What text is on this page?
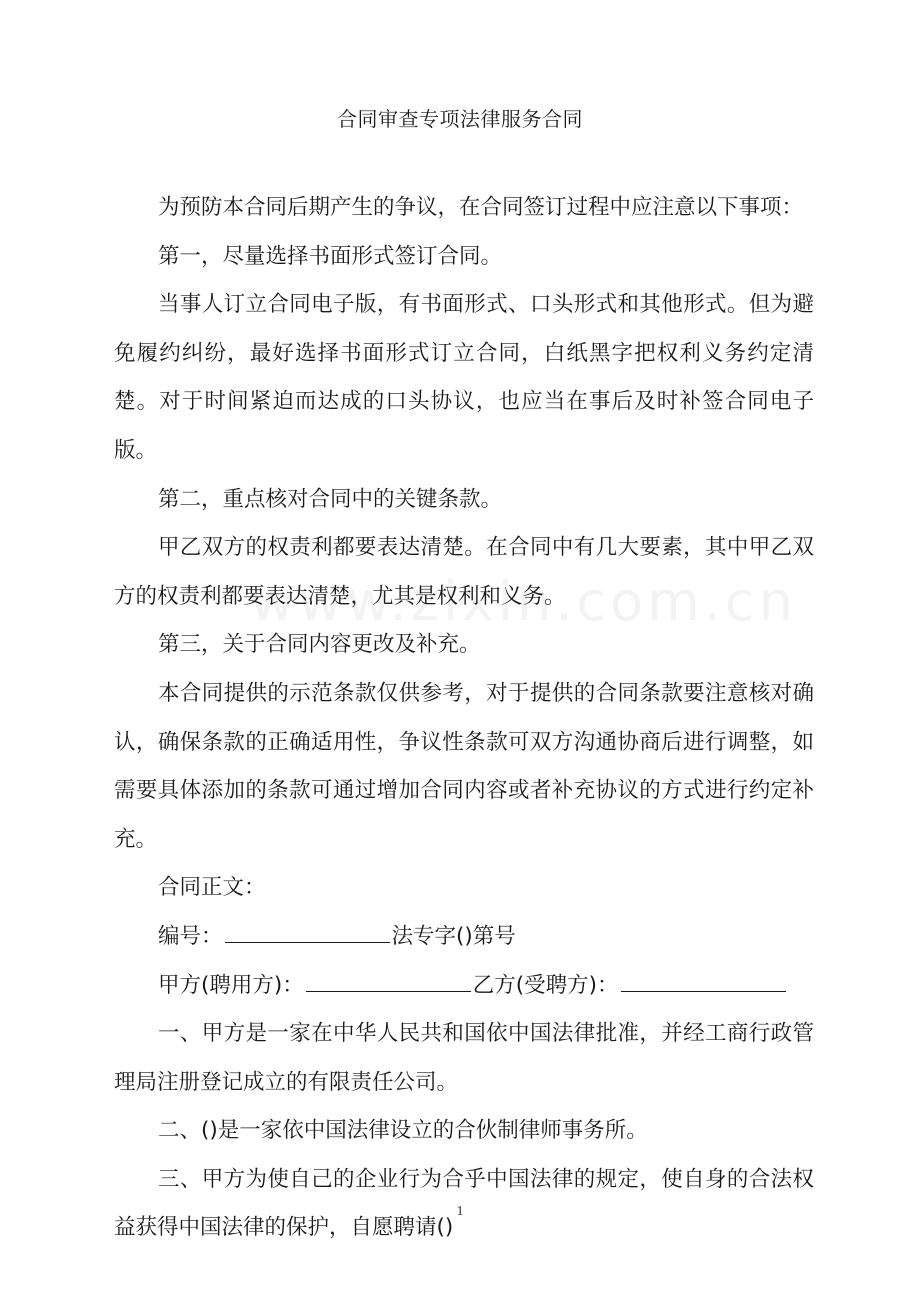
合同审查专项法律服务合同

为预防本合同后期产生的争议，在合同签订过程中应注意以下事项：

第一，尽量选择书面形式签订合同。

当事人订立合同电子版，有书面形式、口头形式和其他形式。但为避免履约纠纷，最好选择书面形式订立合同，白纸黑字把权利义务约定清楚。对于时间紧迫而达成的口头协议，也应当在事后及时补签合同电子版。

第二，重点核对合同中的关键条款。

甲乙双方的权责利都要表达清楚。在合同中有几大要素，其中甲乙双方的权责利都要表达清楚，尤其是权利和义务。

第三，关于合同内容更改及补充。

本合同提供的示范条款仅供参考，对于提供的合同条款要注意核对确认，确保条款的正确适用性，争议性条款可双方沟通协商后进行调整，如需要具体添加的条款可通过增加合同内容或者补充协议的方式进行约定补充。

合同正文：

编号：	法专字()第号

甲方(聘用方)：	乙方(受聘方)：

一、甲方是一家在中华人民共和国依中国法律批准，并经工商行政管理局注册登记成立的有限责任公司。

二、()是一家依中国法律设立的合伙制律师事务所。

三、甲方为使自己的企业行为合乎中国法律的规定，使自身的合法权益获得中国法律的保护，自愿聘请()

1
